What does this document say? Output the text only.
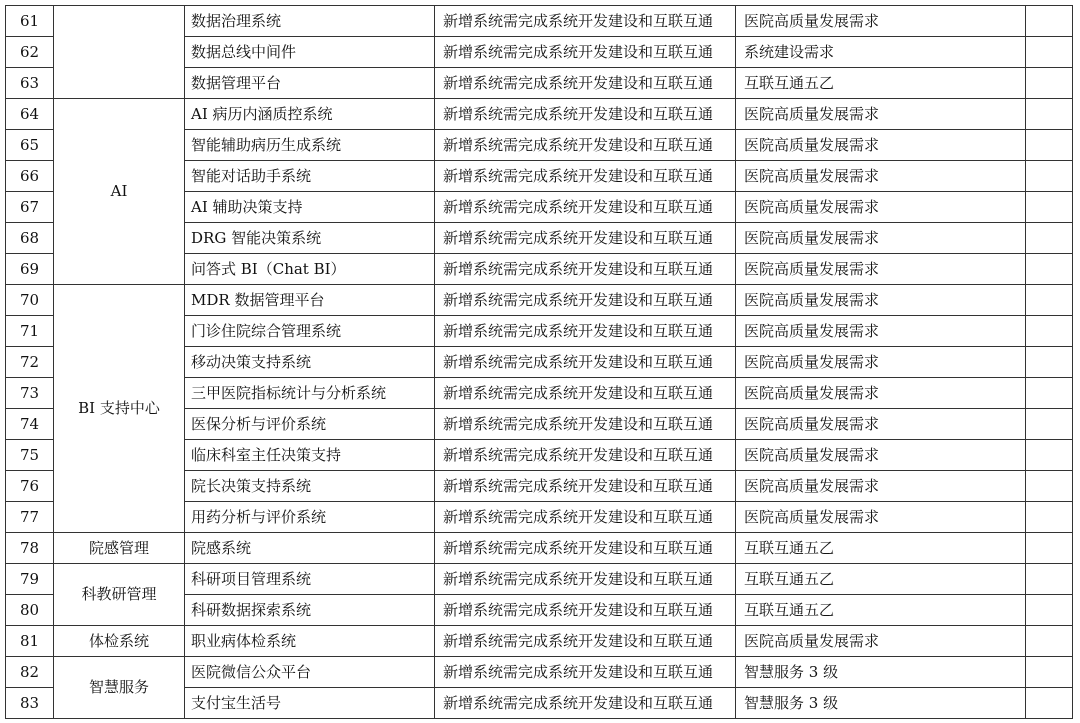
61		数据治理系统	新增系统需完成系统开发建设和互联互通	医院高质量发展需求	
62		数据总线中间件	新增系统需完成系统开发建设和互联互通	系统建设需求	
63		数据管理平台	新增系统需完成系统开发建设和互联互通	互联互通五乙	
64	AI	AI 病历内涵质控系统	新增系统需完成系统开发建设和互联互通	医院高质量发展需求	
65		智能辅助病历生成系统	新增系统需完成系统开发建设和互联互通	医院高质量发展需求	
66		智能对话助手系统	新增系统需完成系统开发建设和互联互通	医院高质量发展需求	
67		AI 辅助决策支持	新增系统需完成系统开发建设和互联互通	医院高质量发展需求	
68		DRG 智能决策系统	新增系统需完成系统开发建设和互联互通	医院高质量发展需求	
69		问答式 BI（Chat BI）	新增系统需完成系统开发建设和互联互通	医院高质量发展需求	
70	BI 支持中心	MDR 数据管理平台	新增系统需完成系统开发建设和互联互通	医院高质量发展需求	
71		门诊住院综合管理系统	新增系统需完成系统开发建设和互联互通	医院高质量发展需求	
72		移动决策支持系统	新增系统需完成系统开发建设和互联互通	医院高质量发展需求	
73		三甲医院指标统计与分析系统	新增系统需完成系统开发建设和互联互通	医院高质量发展需求	
74		医保分析与评价系统	新增系统需完成系统开发建设和互联互通	医院高质量发展需求	
75		临床科室主任决策支持	新增系统需完成系统开发建设和互联互通	医院高质量发展需求	
76		院长决策支持系统	新增系统需完成系统开发建设和互联互通	医院高质量发展需求	
77		用药分析与评价系统	新增系统需完成系统开发建设和互联互通	医院高质量发展需求	
78	院感管理	院感系统	新增系统需完成系统开发建设和互联互通	互联互通五乙	
79	科教研管理	科研项目管理系统	新增系统需完成系统开发建设和互联互通	互联互通五乙	
80		科研数据探索系统	新增系统需完成系统开发建设和互联互通	互联互通五乙	
81	体检系统	职业病体检系统	新增系统需完成系统开发建设和互联互通	医院高质量发展需求	
82	智慧服务	医院微信公众平台	新增系统需完成系统开发建设和互联互通	智慧服务 3 级	
83		支付宝生活号	新增系统需完成系统开发建设和互联互通	智慧服务 3 级	
